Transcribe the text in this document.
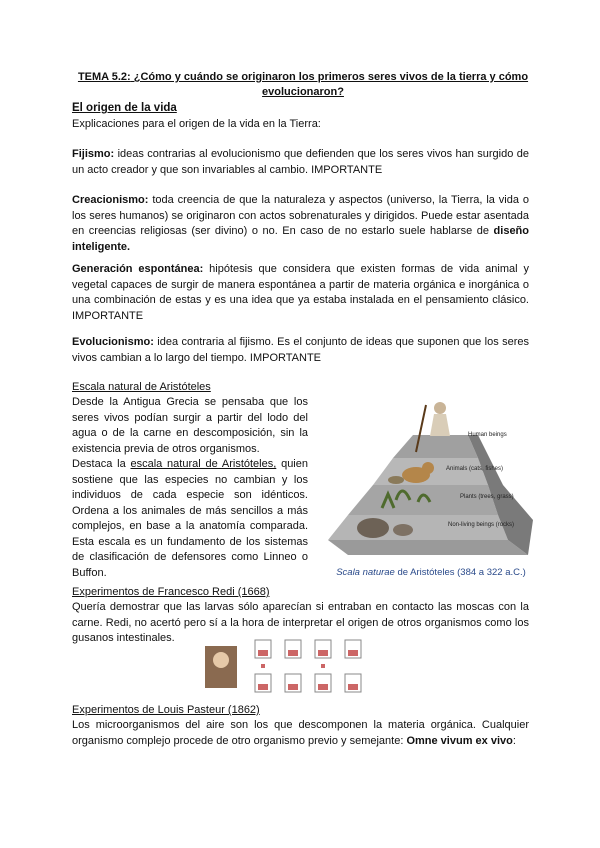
TEMA 5.2: ¿Cómo y cuándo se originaron los primeros seres vivos de la tierra y cómo evolucionaron?
El origen de la vida
Explicaciones para el origen de la vida en la Tierra:
Fijismo: ideas contrarias al evolucionismo que defienden que los seres vivos han surgido de un acto creador y que son invariables al cambio. IMPORTANTE
Creacionismo: toda creencia de que la naturaleza y aspectos (universo, la Tierra, la vida o los seres humanos) se originaron con actos sobrenaturales y dirigidos. Puede estar asentada en creencias religiosas (ser divino) o no. En caso de no estarlo suele hablarse de diseño inteligente.
Generación espontánea: hipótesis que considera que existen formas de vida animal y vegetal capaces de surgir de manera espontánea a partir de materia orgánica e inorgánica o una combinación de estas y es una idea que ya estaba instalada en el pensamiento clásico. IMPORTANTE
Evolucionismo: idea contraria al fijismo. Es el conjunto de ideas que suponen que los seres vivos cambian a lo largo del tiempo. IMPORTANTE
Escala natural de Aristóteles
Desde la Antigua Grecia se pensaba que los seres vivos podían surgir a partir del lodo del agua o de la carne en descomposición, sin la existencia previa de otros organismos.
Destaca la escala natural de Aristóteles, quien sostiene que las especies no cambian y los individuos de cada especie son idénticos. Ordena a los animales de más sencillos a más complejos, en base a la anatomía comparada. Esta escala es un fundamento de los sistemas de clasificación de defensores como Linneo o Buffon.
Human beings
Animals (cats, fishes)
Plants (trees, grass)
Non-living beings (rocks)
Scala naturae de Aristóteles (384 a 322 a.C.)
Experimentos de Francesco Redi (1668)
Quería demostrar que las larvas sólo aparecían si entraban en contacto las moscas con la carne. Redi, no acertó pero sí a la hora de interpretar el origen de otros organismos como los gusanos intestinales.
Experimentos de Louis Pasteur (1862)
Los microorganismos del aire son los que descomponen la materia orgánica. Cualquier organismo complejo procede de otro organismo previo y semejante: Omne vivum ex vivo:
